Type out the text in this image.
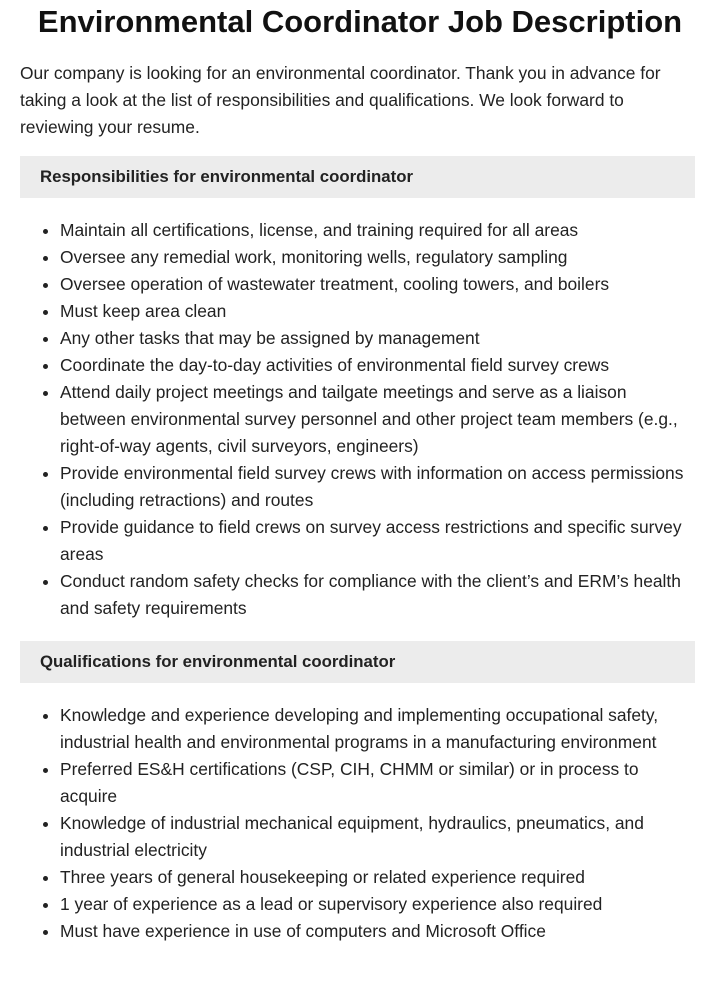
Environmental Coordinator Job Description

Our company is looking for an environmental coordinator. Thank you in advance for taking a look at the list of responsibilities and qualifications. We look forward to reviewing your resume.

Responsibilities for environmental coordinator
• Maintain all certifications, license, and training required for all areas
• Oversee any remedial work, monitoring wells, regulatory sampling
• Oversee operation of wastewater treatment, cooling towers, and boilers
• Must keep area clean
• Any other tasks that may be assigned by management
• Coordinate the day-to-day activities of environmental field survey crews
• Attend daily project meetings and tailgate meetings and serve as a liaison between environmental survey personnel and other project team members (e.g., right-of-way agents, civil surveyors, engineers)
• Provide environmental field survey crews with information on access permissions (including retractions) and routes
• Provide guidance to field crews on survey access restrictions and specific survey areas
• Conduct random safety checks for compliance with the client’s and ERM’s health and safety requirements
Qualifications for environmental coordinator
• Knowledge and experience developing and implementing occupational safety, industrial health and environmental programs in a manufacturing environment
• Preferred ES&H certifications (CSP, CIH, CHMM or similar) or in process to acquire
• Knowledge of industrial mechanical equipment, hydraulics, pneumatics, and industrial electricity
• Three years of general housekeeping or related experience required
• 1 year of experience as a lead or supervisory experience also required
• Must have experience in use of computers and Microsoft Office
